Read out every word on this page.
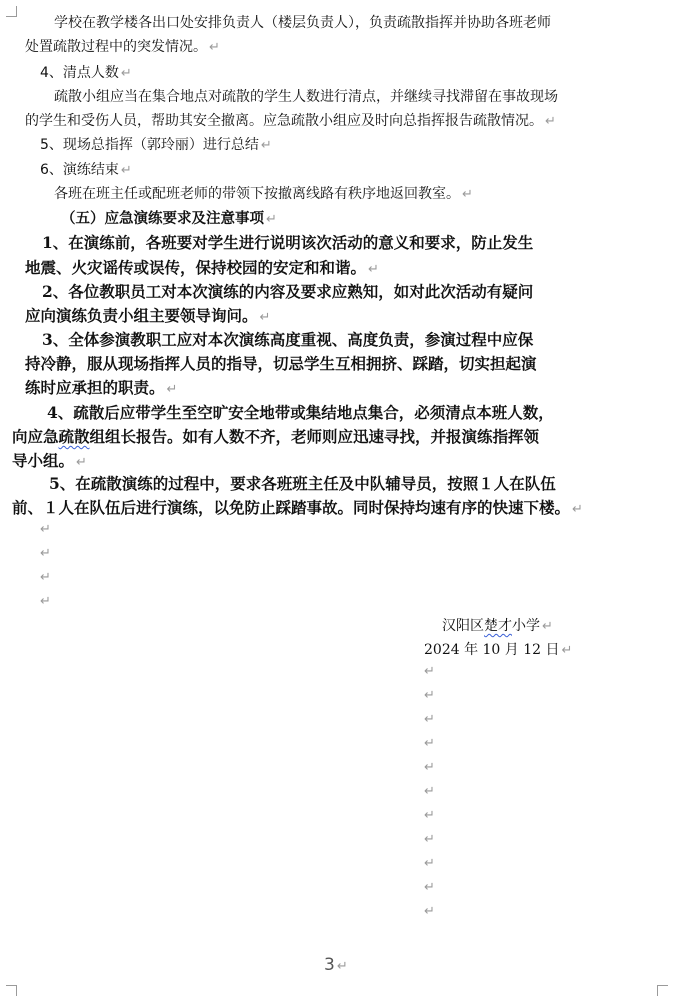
学校在教学楼各出口处安排负责人（楼层负责人），负责疏散指挥并协助各班老师
处置疏散过程中的突发情况。 ↵
4、清点人数 ↵
疏散小组应当在集合地点对疏散的学生人数进行清点，并继续寻找滞留在事故现场
的学生和受伤人员，帮助其安全撤离。应急疏散小组应及时向总指挥报告疏散情况。 ↵
5、现场总指挥（郭玲丽）进行总结 ↵
6、演练结束 ↵
各班在班主任或配班老师的带领下按撤离线路有秩序地返回教室。 ↵
（五）应急演练要求及注意事项 ↵
1、在演练前，各班要对学生进行说明该次活动的意义和要求，防止发生
地震、火灾谣传或误传，保持校园的安定和和谐。 ↵
2、各位教职员工对本次演练的内容及要求应熟知，如对此次活动有疑问
应向演练负责小组主要领导询问。 ↵
3、全体参演教职工应对本次演练高度重视、高度负责，参演过程中应保
持冷静，服从现场指挥人员的指导，切忌学生互相拥挤、踩踏，切实担起演
练时应承担的职责。 ↵
4、疏散后应带学生至空旷安全地带或集结地点集合，必须清点本班人数，
向应急疏散组组长报告。如有人数不齐，老师则应迅速寻找，并报演练指挥领
导小组。 ↵
5、在疏散演练的过程中，要求各班班主任及中队辅导员，按照１人在队伍
前、１人在队伍后进行演练，以免防止踩踏事故。同时保持均速有序的快速下楼。 ↵
↵
↵
↵
↵
汉阳区楚才小学 ↵
2024 年 10 月 12 日 ↵
↵
↵
↵
↵
↵
↵
↵
↵
↵
↵
↵
3 ↵
